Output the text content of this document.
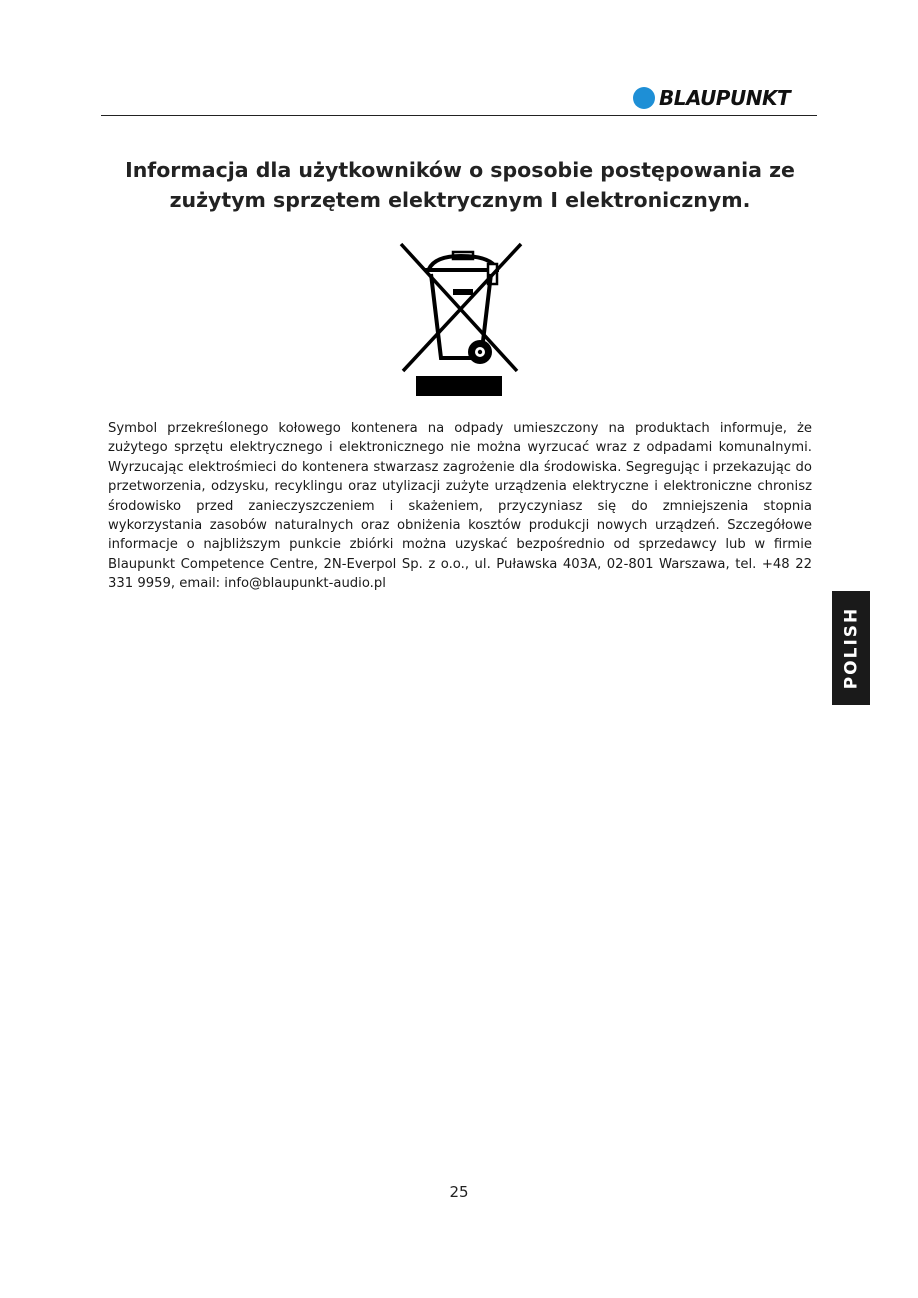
BLAUPUNKT
Informacja dla użytkowników o sposobie postępowania ze
zużytym sprzętem elektrycznym I elektronicznym.

Symbol przekreślonego kołowego kontenera na odpady umieszczony na produktach informuje, że zużytego sprzętu elektrycznego i elektronicznego nie można wyrzucać wraz z odpadami komunalnymi. Wyrzucając elektrośmieci do kontenera stwarzasz zagrożenie dla środowiska. Segregując i przekazując do przetworzenia, odzysku, recyklingu oraz utylizacji zużyte urządzenia elektryczne i elektroniczne chronisz środowisko przed zanieczyszczeniem i skażeniem, przyczyniasz się do zmniejszenia stopnia wykorzystania zasobów naturalnych oraz obniżenia kosztów produkcji nowych urządzeń. Szczegółowe informacje o najbliższym punkcie zbiórki można uzyskać bezpośrednio od sprzedawcy lub w firmie Blaupunkt Competence Centre, 2N-Everpol Sp. z o.o., ul. Puławska 403A, 02-801 Warszawa, tel. +48 22 331 9959, email: info@blaupunkt-audio.pl

POLISH
25
